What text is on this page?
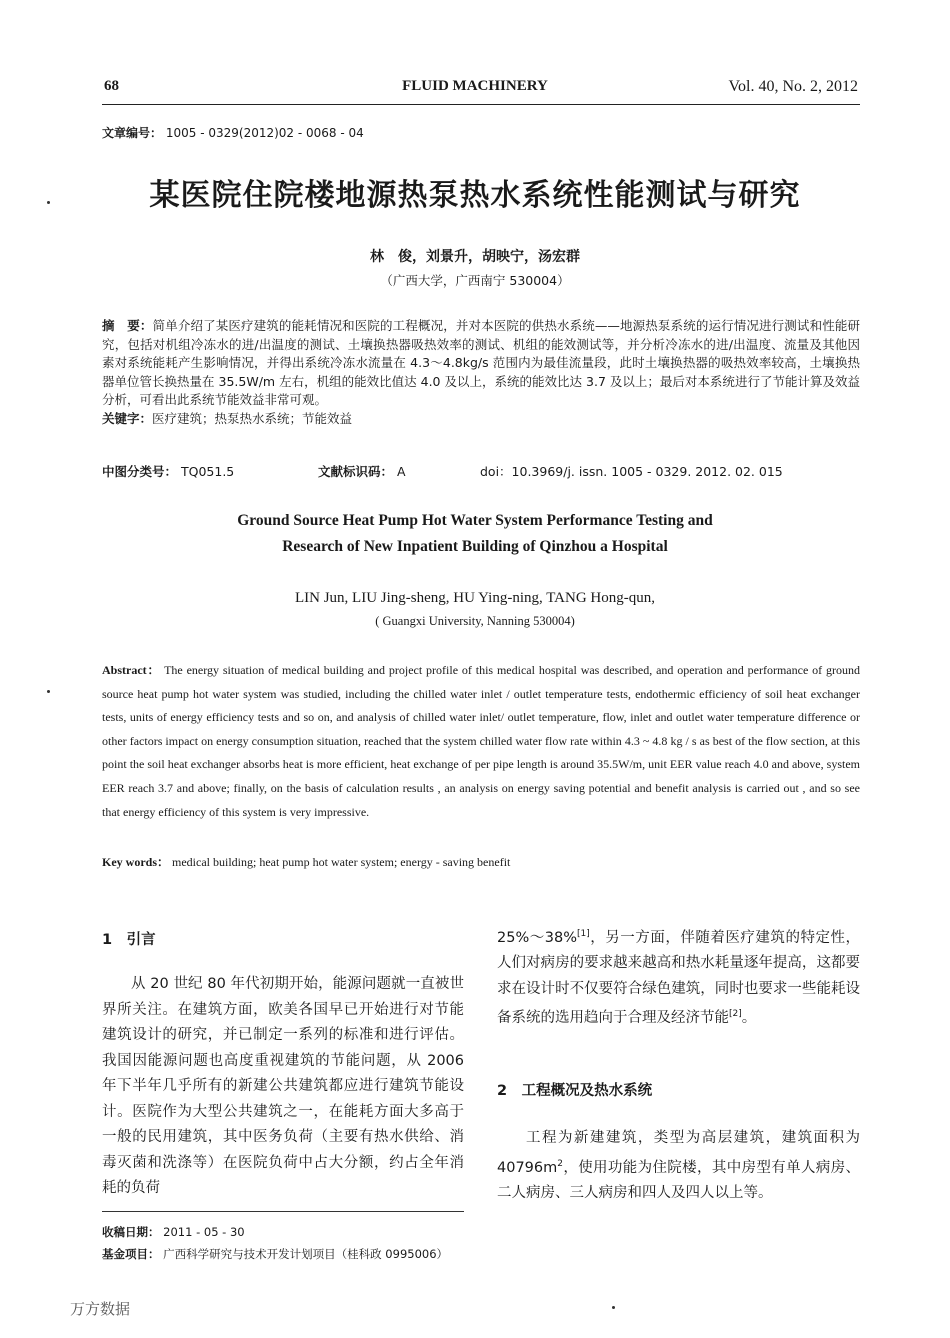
68	FLUID MACHINERY	Vol. 40, No. 2, 2012
文章编号： 1005 - 0329(2012)02 - 0068 - 04
某医院住院楼地源热泵热水系统性能测试与研究
林　俊，刘景升，胡映宁，汤宏群
（广西大学，广西南宁 530004）
摘　要：简单介绍了某医疗建筑的能耗情况和医院的工程概况，并对本医院的供热水系统——地源热泵系统的运行情况进行测试和性能研究，包括对机组冷冻水的进/出温度的测试、土壤换热器吸热效率的测试、机组的能效测试等，并分析冷冻水的进/出温度、流量及其他因素对系统能耗产生影响情况，并得出系统冷冻水流量在 4.3～4.8kg/s 范围内为最佳流量段，此时土壤换热器的吸热效率较高，土壤换热器单位管长换热量在 35.5W/m 左右，机组的能效比值达 4.0 及以上，系统的能效比达 3.7 及以上；最后对本系统进行了节能计算及效益分析，可看出此系统节能效益非常可观。
关键字：医疗建筑；热泵热水系统；节能效益
中图分类号： TQ051.5	文献标识码： A	doi：10.3969/j. issn. 1005 - 0329. 2012. 02. 015
Ground Source Heat Pump Hot Water System Performance Testing and
Research of New Inpatient Building of Qinzhou a Hospital
LIN Jun, LIU Jing-sheng, HU Ying-ning, TANG Hong-qun,
( Guangxi University, Nanning 530004)
Abstract： The energy situation of medical building and project profile of this medical hospital was described, and operation and performance of ground source heat pump hot water system was studied, including the chilled water inlet / outlet temperature tests, endothermic efficiency of soil heat exchanger tests, units of energy efficiency tests and so on, and analysis of chilled water inlet/ outlet temperature, flow, inlet and outlet water temperature difference or other factors impact on energy consumption situation, reached that the system chilled water flow rate within 4.3 ~ 4.8 kg / s as best of the flow section, at this point the soil heat exchanger absorbs heat is more efficient, heat exchange of per pipe length is around 35.5W/m, unit EER value reach 4.0 and above, system EER reach 3.7 and above; finally, on the basis of calculation results , an analysis on energy saving potential and benefit analysis is carried out , and so see that energy efficiency of this system is very impressive.
Key words： medical building; heat pump hot water system; energy - saving benefit
1　引言
从 20 世纪 80 年代初期开始，能源问题就一直被世界所关注。在建筑方面，欧美各国早已开始进行对节能建筑设计的研究，并已制定一系列的标准和进行评估。我国因能源问题也高度重视建筑的节能问题，从 2006 年下半年几乎所有的新建公共建筑都应进行建筑节能设计。医院作为大型公共建筑之一，在能耗方面大多高于一般的民用建筑，其中医务负荷（主要有热水供给、消毒灭菌和洗涤等）在医院负荷中占大分额，约占全年消耗的负荷
25%～38%[1]，另一方面，伴随着医疗建筑的特定性，人们对病房的要求越来越高和热水耗量逐年提高，这都要求在设计时不仅要符合绿色建筑，同时也要求一些能耗设备系统的选用趋向于合理及经济节能[2]。
2　工程概况及热水系统
工程为新建建筑，类型为高层建筑，建筑面积为 $40796m^2$，使用功能为住院楼，其中房型有单人病房、二人病房、三人病房和四人及四人以上等。
收稿日期： 2011 - 05 - 30
基金项目： 广西科学研究与技术开发计划项目（桂科政 0995006）
万方数据
